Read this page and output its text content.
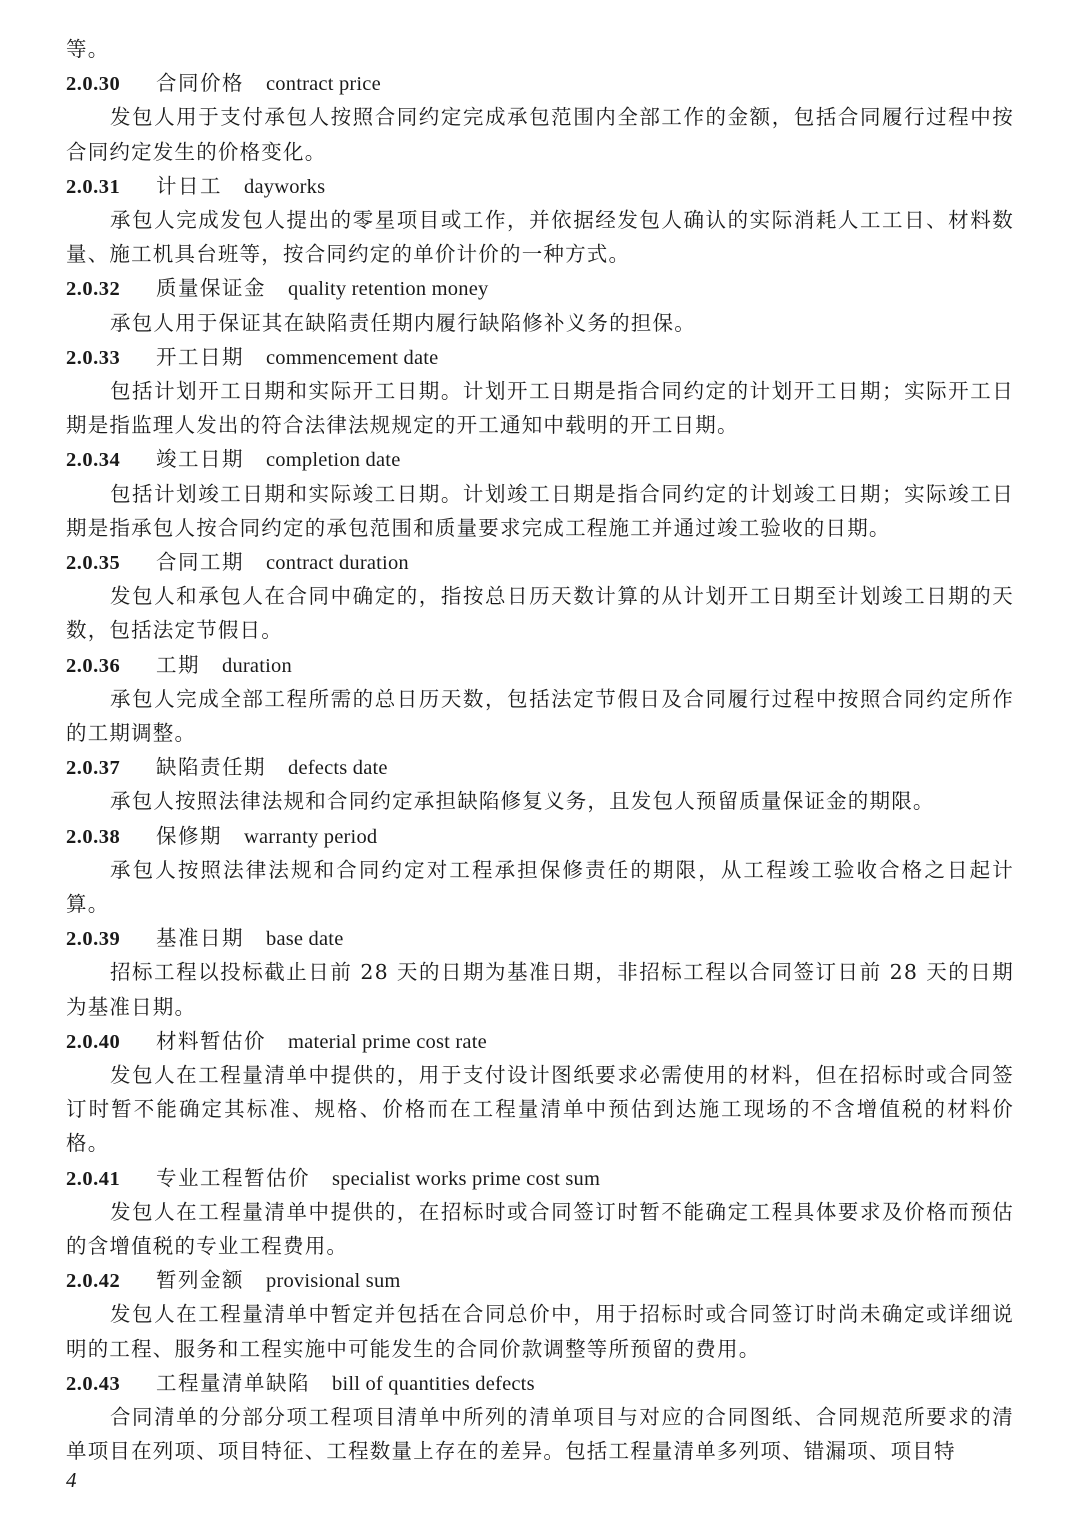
等。
2.0.30 合同价格 contract price
发包人用于支付承包人按照合同约定完成承包范围内全部工作的金额，包括合同履行过程中按合同约定发生的价格变化。
2.0.31 计日工 dayworks
承包人完成发包人提出的零星项目或工作，并依据经发包人确认的实际消耗人工工日、材料数量、施工机具台班等，按合同约定的单价计价的一种方式。
2.0.32 质量保证金 quality retention money
承包人用于保证其在缺陷责任期内履行缺陷修补义务的担保。
2.0.33 开工日期 commencement date
包括计划开工日期和实际开工日期。计划开工日期是指合同约定的计划开工日期；实际开工日期是指监理人发出的符合法律法规规定的开工通知中载明的开工日期。
2.0.34 竣工日期 completion date
包括计划竣工日期和实际竣工日期。计划竣工日期是指合同约定的计划竣工日期；实际竣工日期是指承包人按合同约定的承包范围和质量要求完成工程施工并通过竣工验收的日期。
2.0.35 合同工期 contract duration
发包人和承包人在合同中确定的，指按总日历天数计算的从计划开工日期至计划竣工日期的天数，包括法定节假日。
2.0.36 工期 duration
承包人完成全部工程所需的总日历天数，包括法定节假日及合同履行过程中按照合同约定所作的工期调整。
2.0.37 缺陷责任期 defects date
承包人按照法律法规和合同约定承担缺陷修复义务，且发包人预留质量保证金的期限。
2.0.38 保修期 warranty period
承包人按照法律法规和合同约定对工程承担保修责任的期限，从工程竣工验收合格之日起计算。
2.0.39 基准日期 base date
招标工程以投标截止日前 28 天的日期为基准日期，非招标工程以合同签订日前 28 天的日期为基准日期。
2.0.40 材料暂估价 material prime cost rate
发包人在工程量清单中提供的，用于支付设计图纸要求必需使用的材料，但在招标时或合同签订时暂不能确定其标准、规格、价格而在工程量清单中预估到达施工现场的不含增值税的材料价格。
2.0.41 专业工程暂估价 specialist works prime cost sum
发包人在工程量清单中提供的，在招标时或合同签订时暂不能确定工程具体要求及价格而预估的含增值税的专业工程费用。
2.0.42 暂列金额 provisional sum
发包人在工程量清单中暂定并包括在合同总价中，用于招标时或合同签订时尚未确定或详细说明的工程、服务和工程实施中可能发生的合同价款调整等所预留的费用。
2.0.43 工程量清单缺陷 bill of quantities defects
合同清单的分部分项工程项目清单中所列的清单项目与对应的合同图纸、合同规范所要求的清单项目在列项、项目特征、工程数量上存在的差异。包括工程量清单多列项、错漏项、项目特
4
